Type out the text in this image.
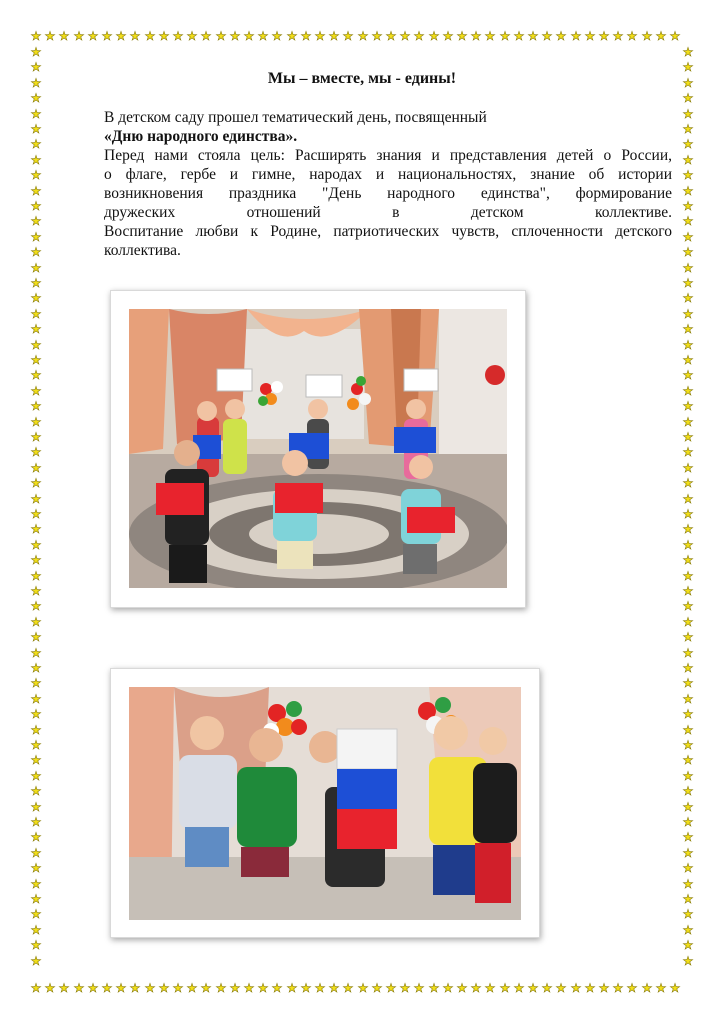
★ ★ ★ ★ ★ ★ ★ ★ ★ ★ ★ ★ ★ ★ ★ ★ ★ ★ ★ ★ ★ ★ ★ ★ ★ ★ ★ ★ ★ ★ ★ ★ ★ ★ ★ ★ ★ ★ ★ ★ ★ ★ ★ ★ ★ ★
★ ★ ★ ★ ★ ★ ★ ★ ★ ★ ★ ★ ★ ★ ★ ★ ★ ★ ★ ★ ★ ★ ★ ★ ★ ★ ★ ★ ★ ★ ★ ★ ★ ★ ★ ★ ★ ★ ★ ★ ★ ★ ★ ★ ★ ★
★
★
★
★
★
★
★
★
★
★
★
★
★
★
★
★
★
★
★
★
★
★
★
★
★
★
★
★
★
★
★
★
★
★
★
★
★
★
★
★
★
★
★
★
★
★
★
★
★
★
★
★
★
★
★
★
★
★
★
★
★
★
★
★
★
★
★
★
★
★
★
★
★
★
★
★
★
★
★
★
★
★
★
★
★
★
★
★
★
★
★
★
★
★
★
★
★
★
★
★
★
★
★
★
★
★
★
★
★
★
★
★
★
★
★
★
★
★
★
★
Мы – вместе, мы - едины!

В детском саду прошел тематический день, посвященный

«Дню народного единства».

Перед нами стояла цель: Расширять знания и представления детей о России,

о флаге, гербе и гимне, народах и национальностях, знание об истории

возникновения праздника "День народного единства", формирование

дружеских отношений в детском коллективе.

Воспитание любви к Родине, патриотических чувств, сплоченности детского

коллектива.
